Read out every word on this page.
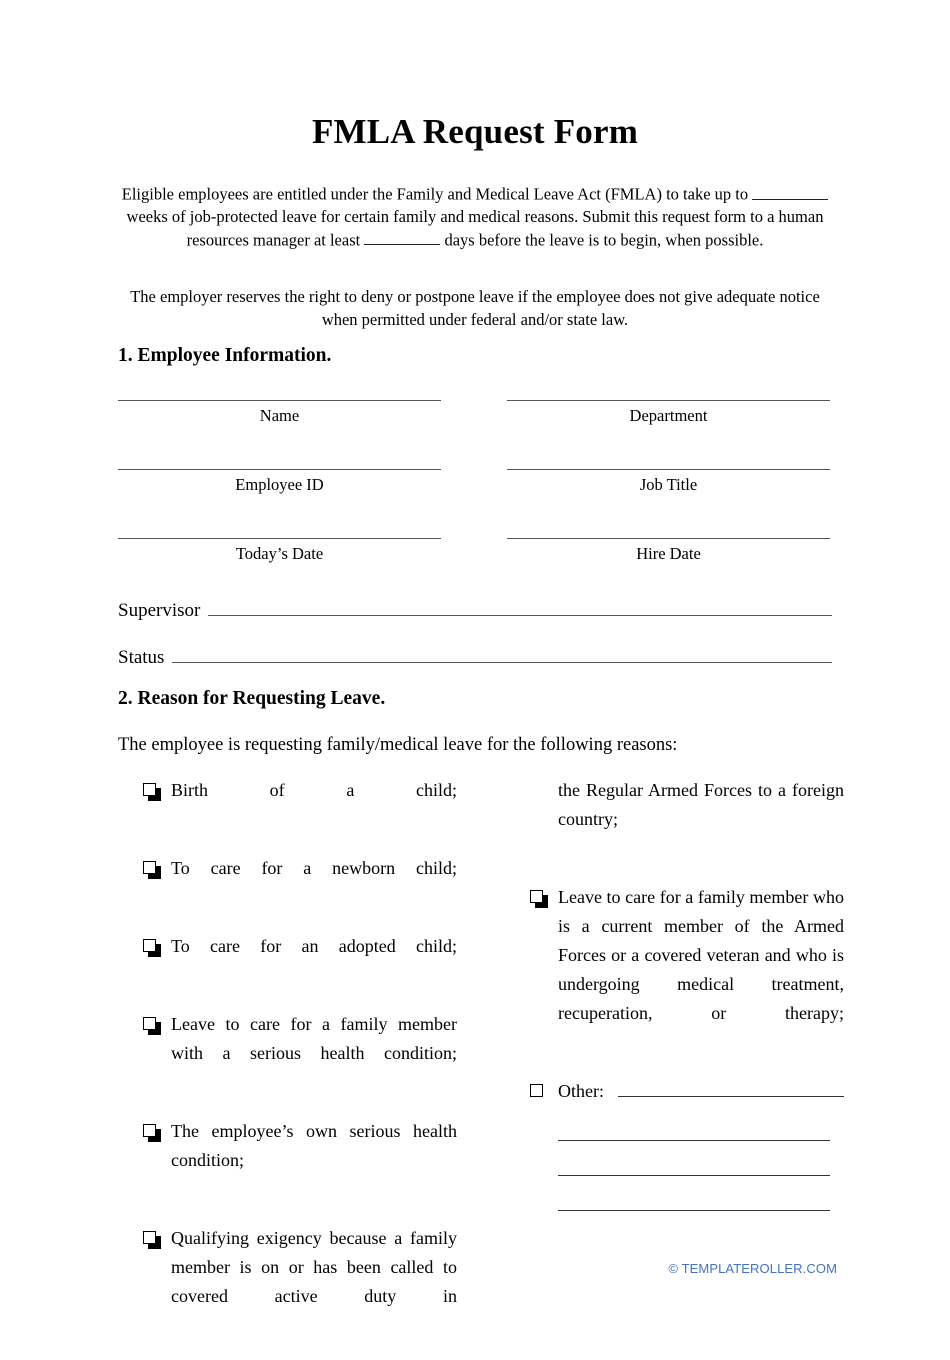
FMLA Request Form
Eligible employees are entitled under the Family and Medical Leave Act (FMLA) to take up to  weeks of job-protected leave for certain family and medical reasons. Submit this request form to a human resources manager at least	days before the leave is to begin, when possible.
The employer reserves the right to deny or postpone leave if the employee does not give adequate notice when permitted under federal and/or state law.
1. Employee Information.
Name	Department
Employee ID	Job Title
Today’s Date	Hire Date
Supervisor
Status
2. Reason for Requesting Leave.
The employee is requesting family/medical leave for the following reasons:
Birth of a child;
To care for a newborn child;
To care for an adopted child;
Leave to care for a family member with a serious health condition;
The employee’s own serious health condition;
Qualifying exigency because a family member is on or has been called to covered active duty in
the Regular Armed Forces to a foreign country;
Leave to care for a family member who is a current member of the Armed Forces or a covered veteran and who is undergoing medical treatment, recuperation, or therapy;
Other:
© TEMPLATEROLLER.COM
